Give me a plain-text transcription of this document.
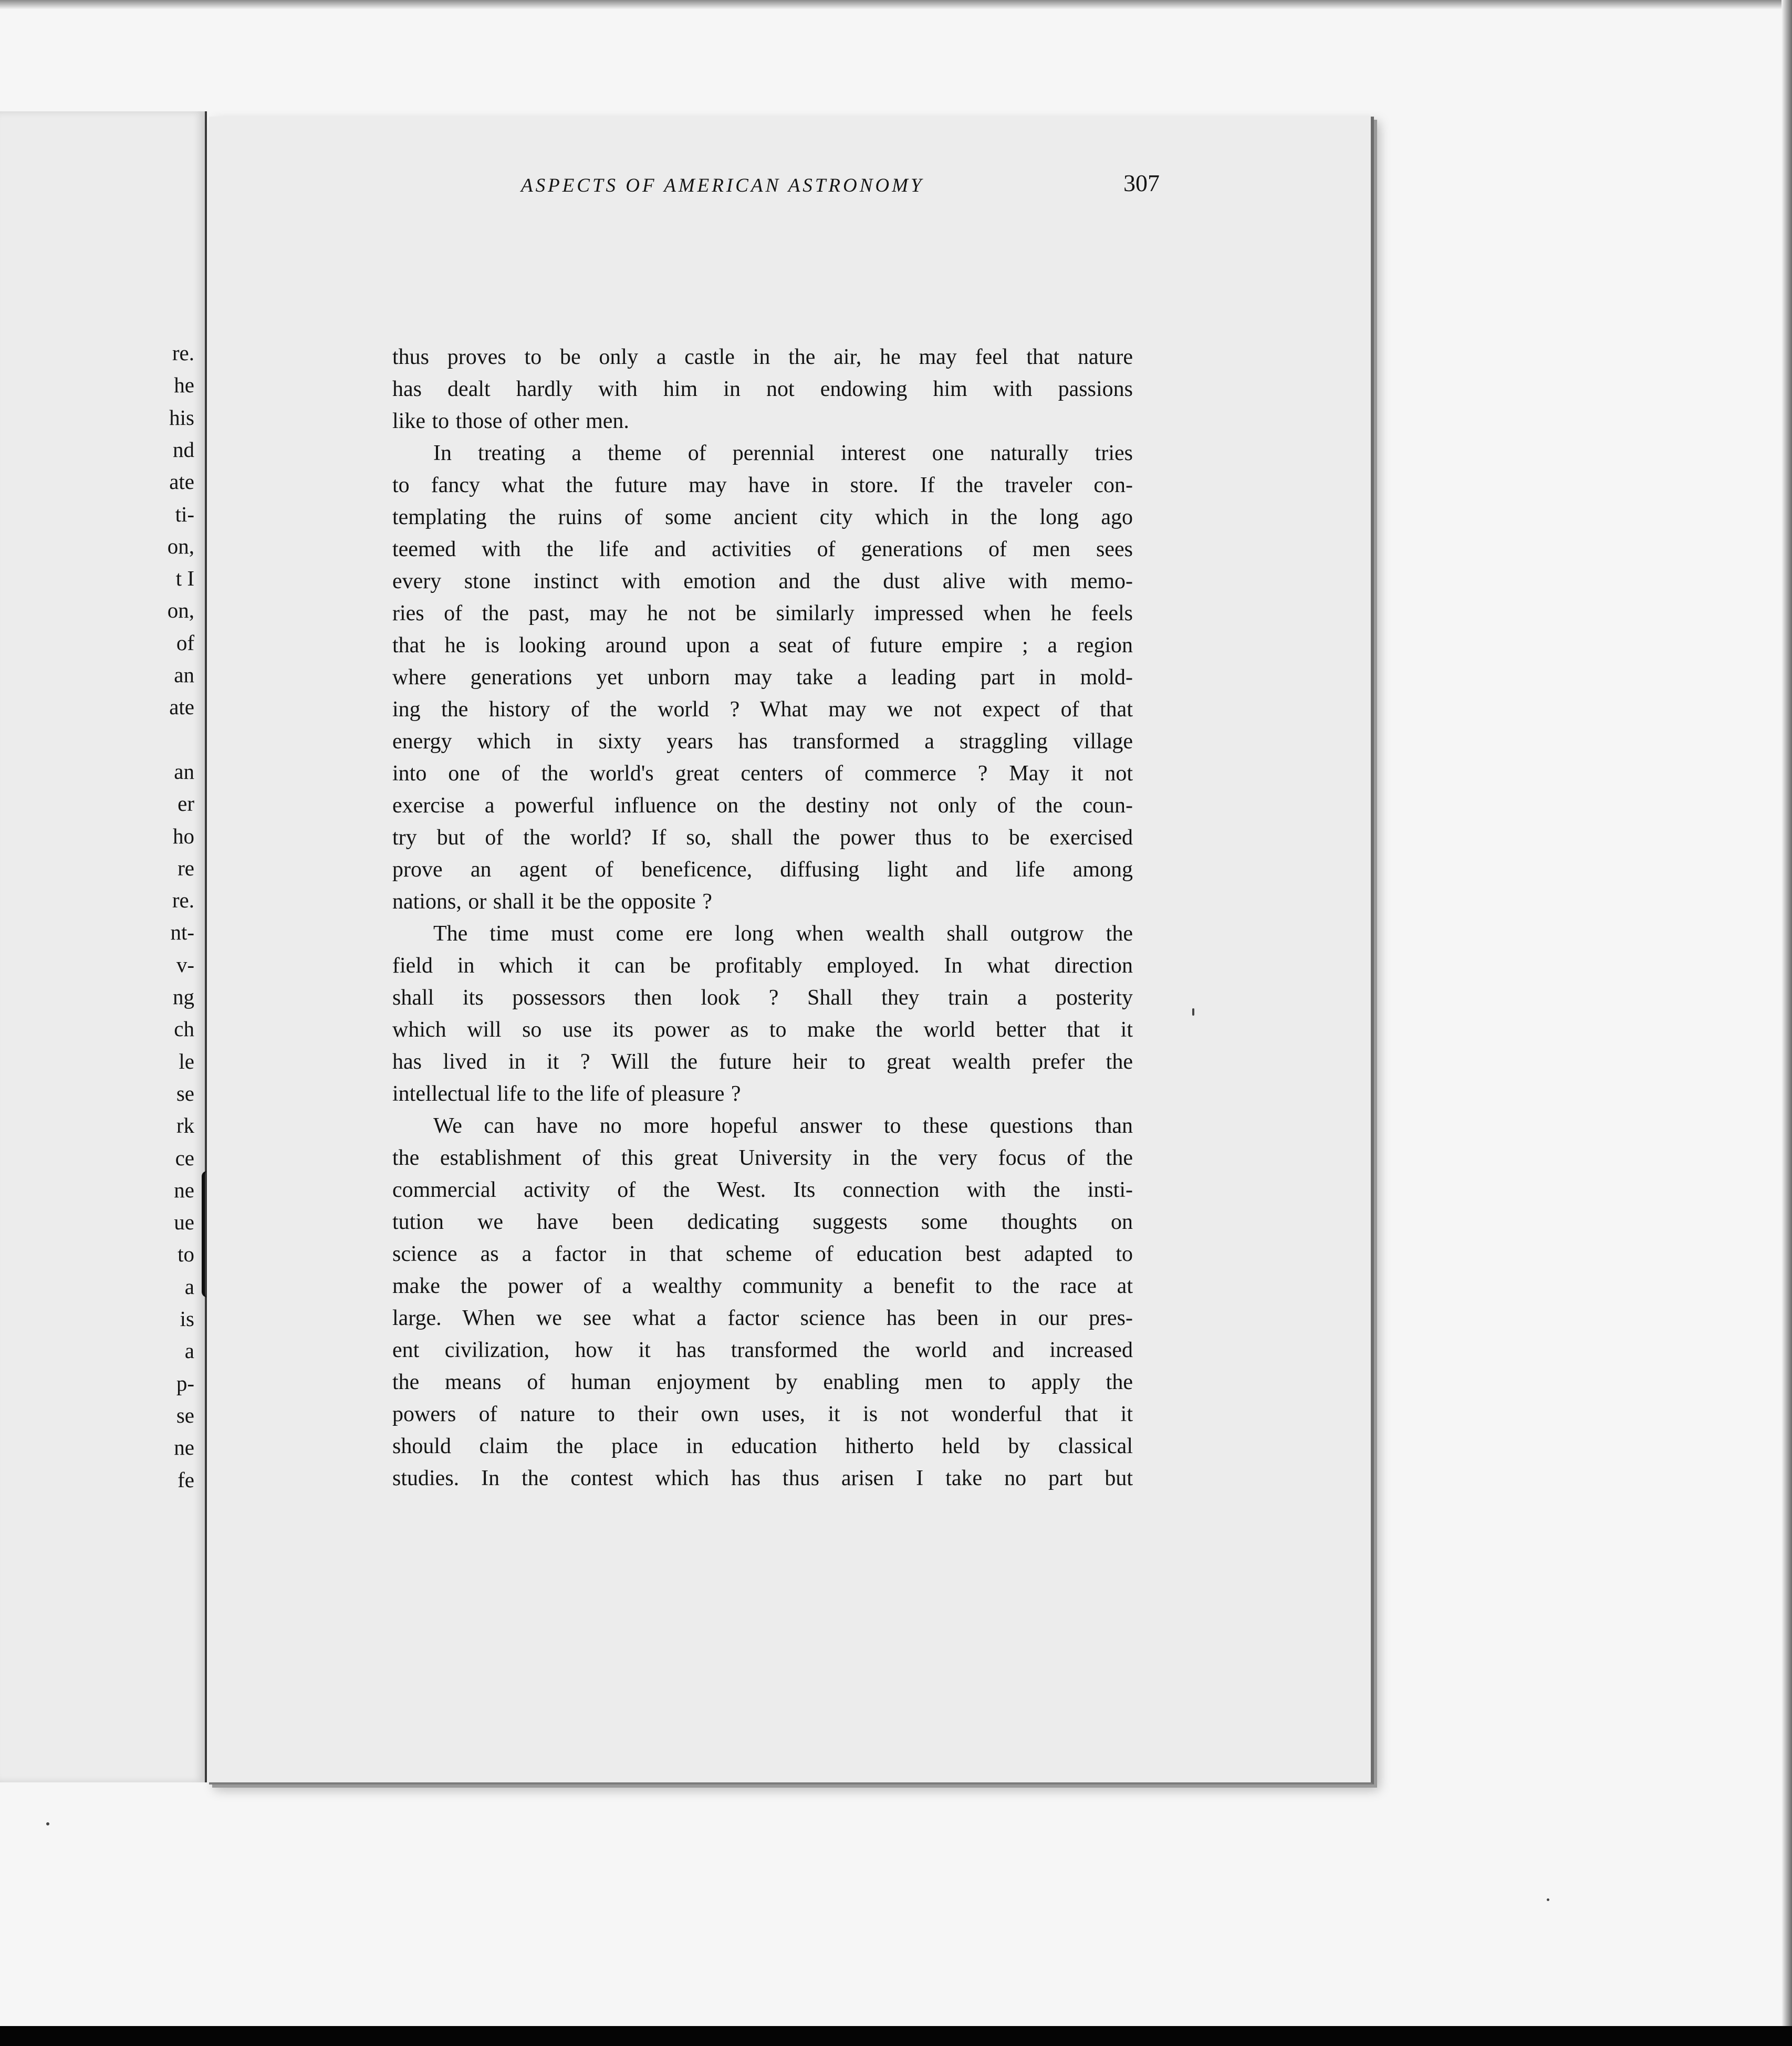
re.
he
his
nd
ate
ti-
on,
t I
on,
of
an
ate
an
er
ho
re
re.
nt-
v-
ng
ch
le
se
rk
ce
ne
ue
to
a
is
a
p-
se
ne
fe
ASPECTS OF AMERICAN ASTRONOMY	307
thus proves to be only a castle in the air, he may feel that nature
has dealt hardly with him in not endowing him with passions
like to those of other men.
In treating a theme of perennial interest one naturally tries
to fancy what the future may have in store. If the traveler con-
templating the ruins of some ancient city which in the long ago
teemed with the life and activities of generations of men sees
every stone instinct with emotion and the dust alive with memo-
ries of the past, may he not be similarly impressed when he feels
that he is looking around upon a seat of future empire ; a region
where generations yet unborn may take a leading part in mold-
ing the history of the world ? What may we not expect of that
energy which in sixty years has transformed a straggling village
into one of the world's great centers of commerce ? May it not
exercise a powerful influence on the destiny not only of the coun-
try but of the world? If so, shall the power thus to be exercised
prove an agent of beneficence, diffusing light and life among
nations, or shall it be the opposite ?
The time must come ere long when wealth shall outgrow the
field in which it can be profitably employed. In what direction
shall its possessors then look ? Shall they train a posterity
which will so use its power as to make the world better that it
has lived in it ? Will the future heir to great wealth prefer the
intellectual life to the life of pleasure ?
We can have no more hopeful answer to these questions than
the establishment of this great University in the very focus of the
commercial activity of the West. Its connection with the insti-
tution we have been dedicating suggests some thoughts on
science as a factor in that scheme of education best adapted to
make the power of a wealthy community a benefit to the race at
large. When we see what a factor science has been in our pres-
ent civilization, how it has transformed the world and increased
the means of human enjoyment by enabling men to apply the
powers of nature to their own uses, it is not wonderful that it
should claim the place in education hitherto held by classical
studies. In the contest which has thus arisen I take no part but
